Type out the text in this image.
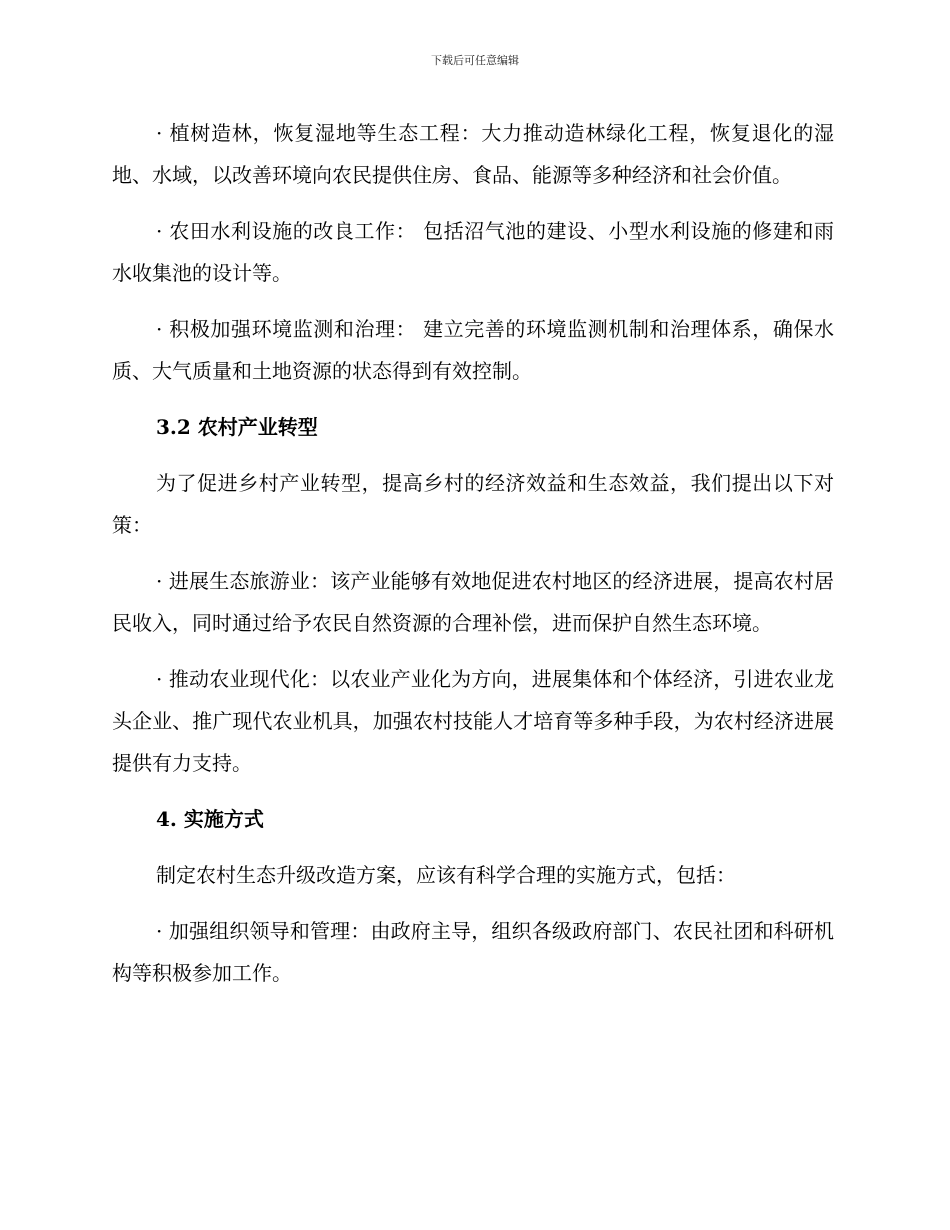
下载后可任意编辑

· 植树造林，恢复湿地等生态工程：大力推动造林绿化工程，恢复退化的湿地、水域，以改善环境向农民提供住房、食品、能源等多种经济和社会价值。

· 农田水利设施的改良工作： 包括沼气池的建设、小型水利设施的修建和雨水收集池的设计等。

· 积极加强环境监测和治理： 建立完善的环境监测机制和治理体系，确保水质、大气质量和土地资源的状态得到有效控制。

3.2 农村产业转型

为了促进乡村产业转型，提高乡村的经济效益和生态效益，我们提出以下对策：

· 进展生态旅游业：该产业能够有效地促进农村地区的经济进展，提高农村居民收入，同时通过给予农民自然资源的合理补偿，进而保护自然生态环境。

· 推动农业现代化：以农业产业化为方向，进展集体和个体经济，引进农业龙头企业、推广现代农业机具，加强农村技能人才培育等多种手段，为农村经济进展提供有力支持。

4. 实施方式

制定农村生态升级改造方案，应该有科学合理的实施方式，包括：

· 加强组织领导和管理：由政府主导，组织各级政府部门、农民社团和科研机构等积极参加工作。
